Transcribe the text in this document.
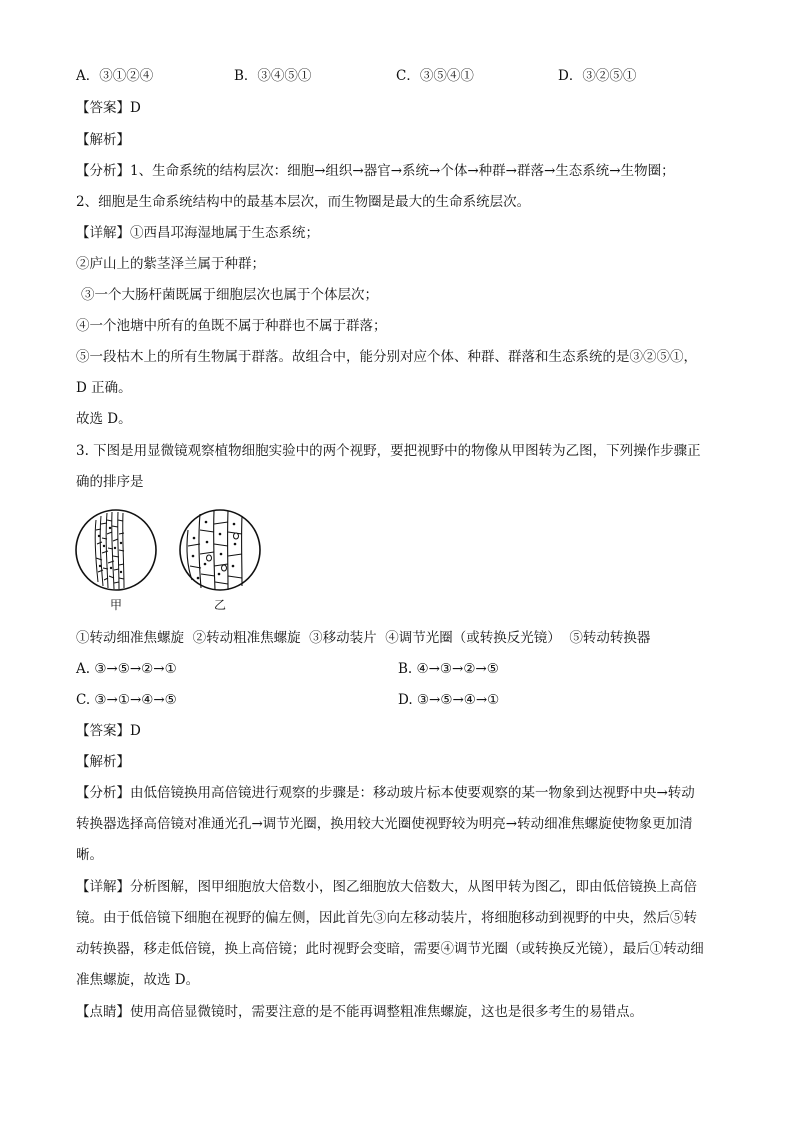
A．③①②④	B．③④⑤①	C．③⑤④①	D．③②⑤①
【答案】D
【解析】
【分析】1、生命系统的结构层次：细胞→组织→器官→系统→个体→种群→群落→生态系统→生物圈；
2、细胞是生命系统结构中的最基本层次，而生物圈是最大的生命系统层次。
【详解】①西昌邛海湿地属于生态系统；
②庐山上的紫茎泽兰属于种群；
③一个大肠杆菌既属于细胞层次也属于个体层次；
④一个池塘中所有的鱼既不属于种群也不属于群落；
⑤一段枯木上的所有生物属于群落。故组合中，能分别对应个体、种群、群落和生态系统的是③②⑤①，
D 正确。
故选 D。
3. 下图是用显微镜观察植物细胞实验中的两个视野，要把视野中的物像从甲图转为乙图，下列操作步骤正
确的排序是
甲	乙
①转动细准焦螺旋  ②转动粗准焦螺旋  ③移动装片  ④调节光圈（或转换反光镜）  ⑤转动转换器
A. ③→⑤→②→①	B. ④→③→②→⑤
C. ③→①→④→⑤	D. ③→⑤→④→①
【答案】D
【解析】
【分析】由低倍镜换用高倍镜进行观察的步骤是：移动玻片标本使要观察的某一物象到达视野中央→转动
转换器选择高倍镜对准通光孔→调节光圈，换用较大光圈使视野较为明亮→转动细准焦螺旋使物象更加清
晰。
【详解】分析图解，图甲细胞放大倍数小，图乙细胞放大倍数大，从图甲转为图乙，即由低倍镜换上高倍
镜。由于低倍镜下细胞在视野的偏左侧，因此首先③向左移动装片，将细胞移动到视野的中央，然后⑤转
动转换器，移走低倍镜，换上高倍镜；此时视野会变暗，需要④调节光圈（或转换反光镜），最后①转动细
准焦螺旋，故选 D。
【点睛】使用高倍显微镜时，需要注意的是不能再调整粗准焦螺旋，这也是很多考生的易错点。
